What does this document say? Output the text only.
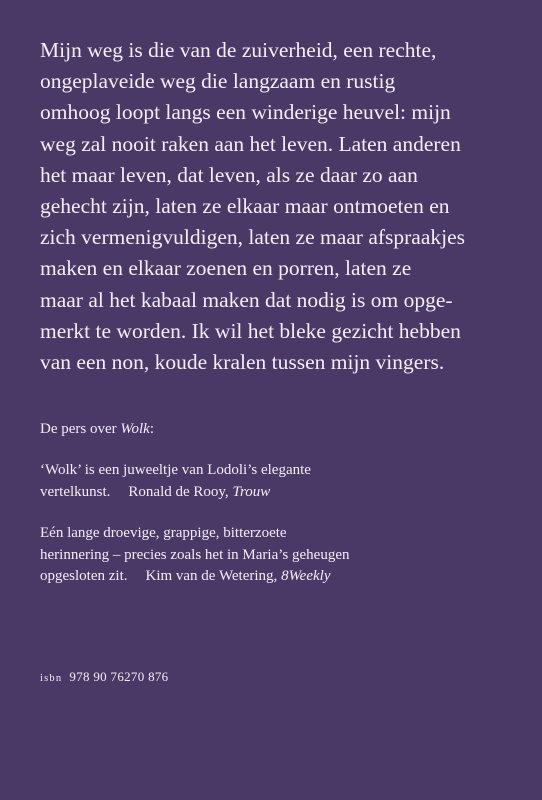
Mijn weg is die van de zuiverheid, een rechte,
ongeplaveide weg die langzaam en rustig
omhoog loopt langs een winderige heuvel: mijn
weg zal nooit raken aan het leven. Laten anderen
het maar leven, dat leven, als ze daar zo aan
gehecht zijn, laten ze elkaar maar ontmoeten en
zich vermenigvuldigen, laten ze maar afspraakjes
maken en elkaar zoenen en porren, laten ze
maar al het kabaal maken dat nodig is om opge-
merkt te worden. Ik wil het bleke gezicht hebben
van een non, koude kralen tussen mijn vingers.

De pers over Wolk:

‘Wolk’ is een juweeltje van Lodoli’s elegante
vertelkunst. Ronald de Rooy, Trouw

Eén lange droevige, grappige, bitterzoete
herinnering – precies zoals het in Maria’s geheugen
opgesloten zit. Kim van de Wetering, 8Weekly

isbn 978 90 76270 876
